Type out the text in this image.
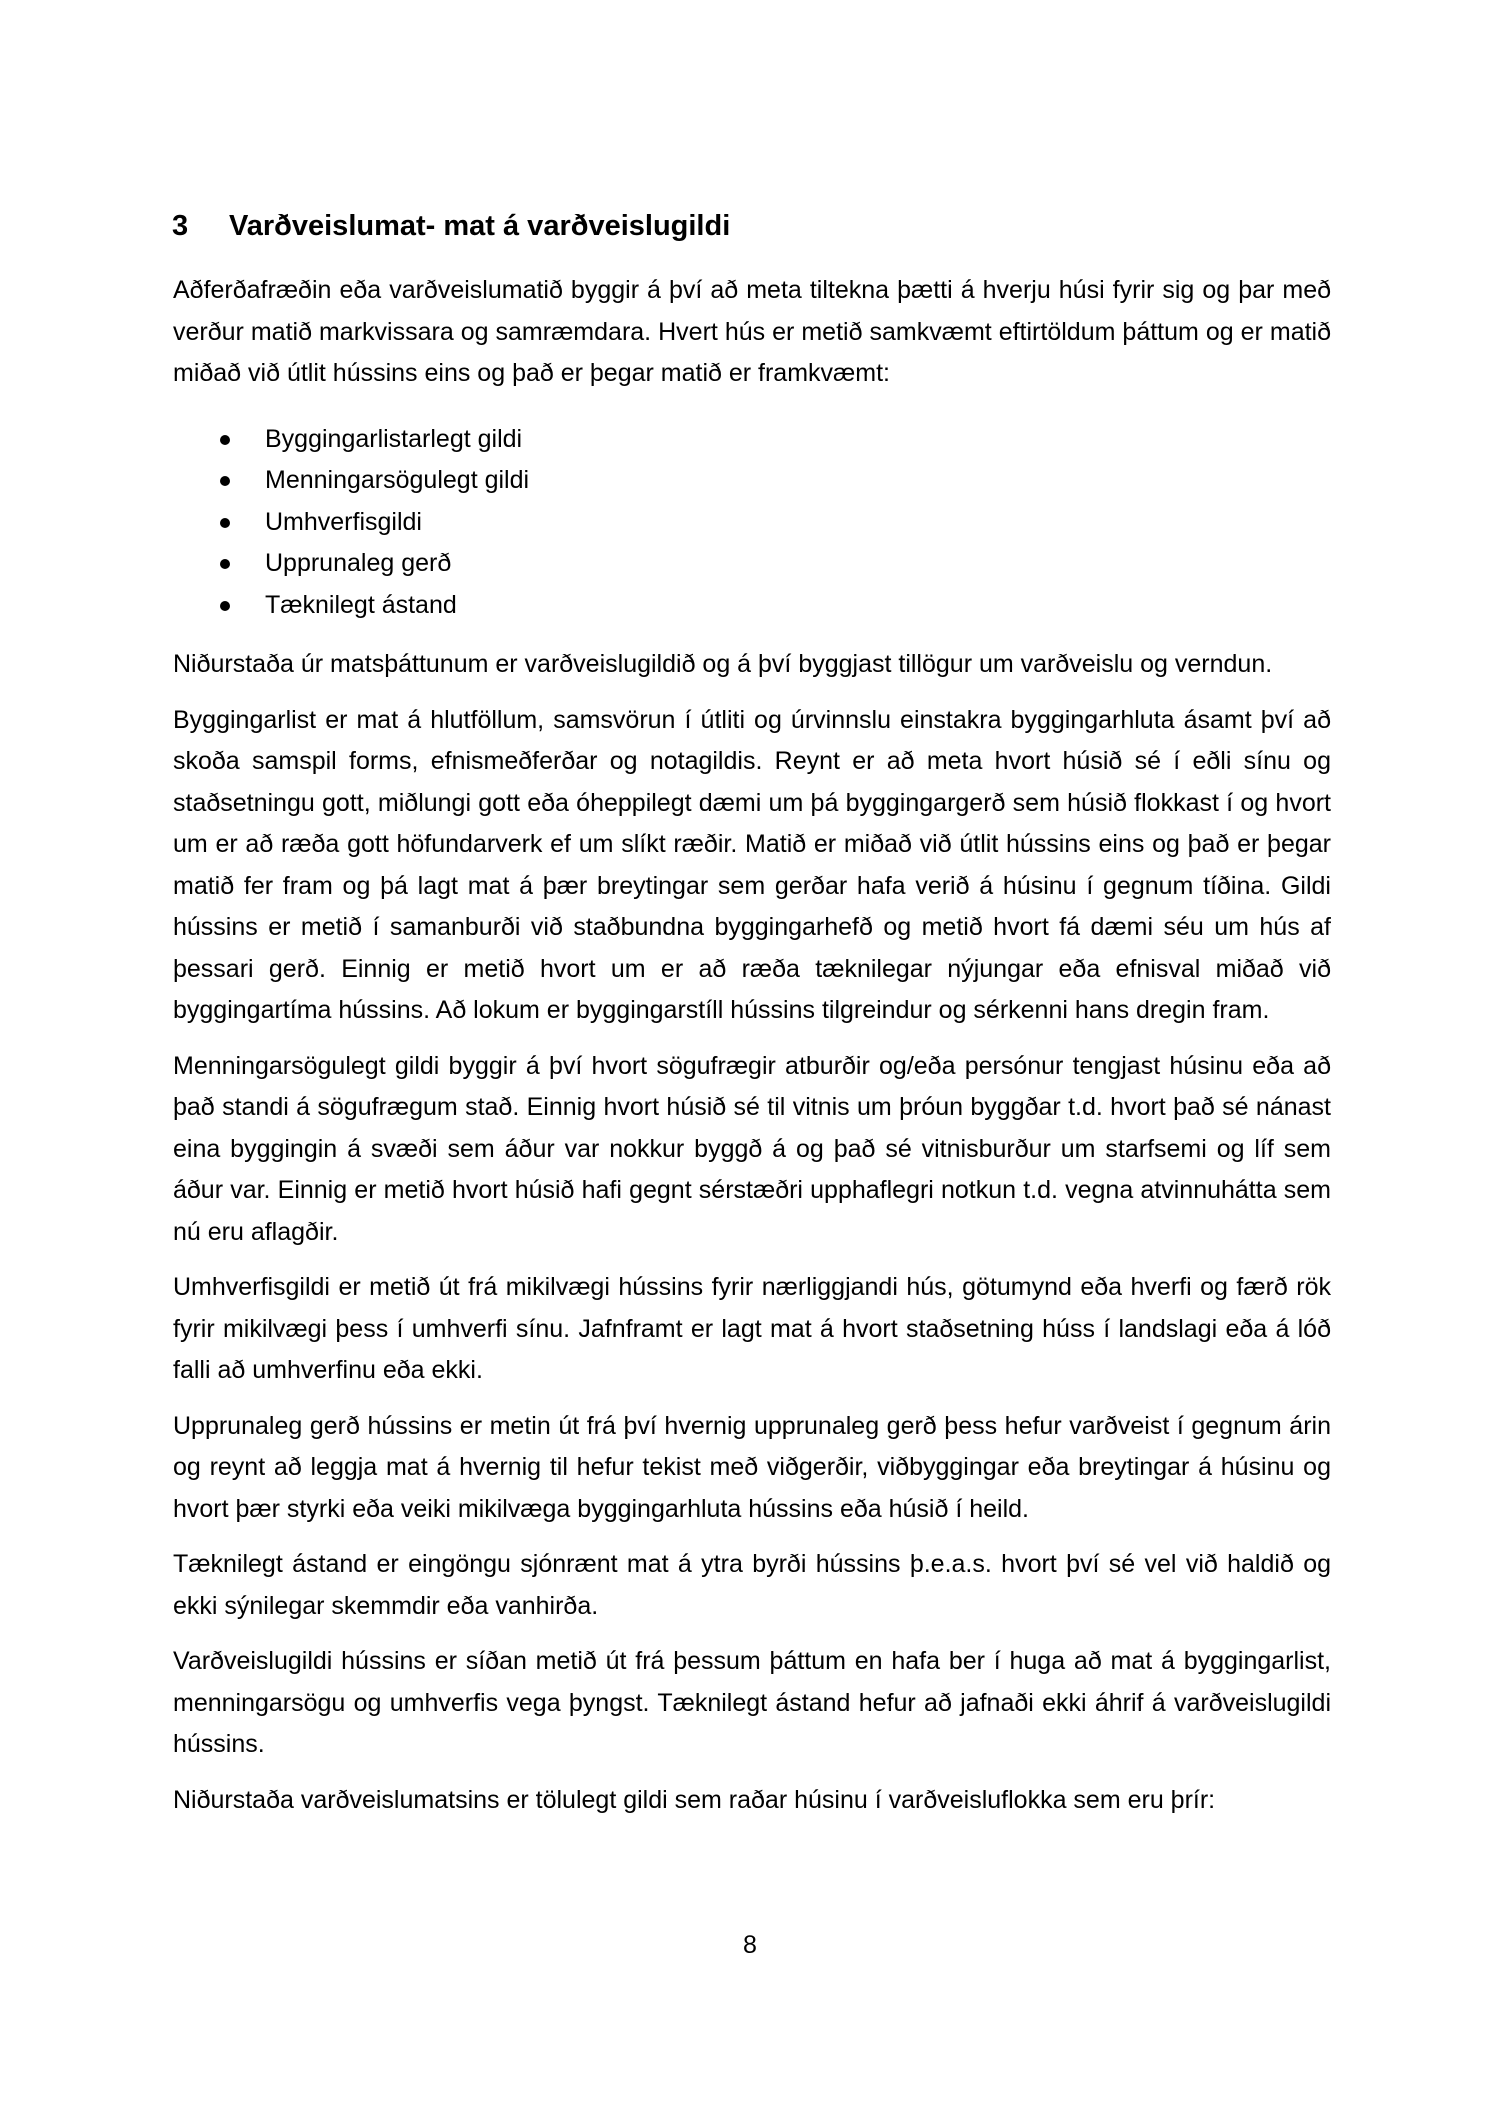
3 Varðveislumat- mat á varðveislugildi

Aðferðafræðin eða varðveislumatið byggir á því að meta tiltekna þætti á hverju húsi fyrir sig og þar með verður matið markvissara og samræmdara. Hvert hús er metið samkvæmt eftirtöldum þáttum og er matið miðað við útlit hússins eins og það er þegar matið er framkvæmt:

Byggingarlistarlegt gildi
Menningarsögulegt gildi
Umhverfisgildi
Upprunaleg gerð
Tæknilegt ástand

Niðurstaða úr matsþáttunum er varðveislugildið og á því byggjast tillögur um varðveislu og verndun.

Byggingarlist er mat á hlutföllum, samsvörun í útliti og úrvinnslu einstakra byggingarhluta ásamt því að skoða samspil forms, efnismeðferðar og notagildis. Reynt er að meta hvort húsið sé í eðli sínu og staðsetningu gott, miðlungi gott eða óheppilegt dæmi um þá byggingargerð sem húsið flokkast í og hvort um er að ræða gott höfundarverk ef um slíkt ræðir. Matið er miðað við útlit hússins eins og það er þegar matið fer fram og þá lagt mat á þær breytingar sem gerðar hafa verið á húsinu í gegnum tíðina. Gildi hússins er metið í samanburði við staðbundna byggingarhefð og metið hvort fá dæmi séu um hús af þessari gerð. Einnig er metið hvort um er að ræða tæknilegar nýjungar eða efnisval miðað við byggingartíma hússins. Að lokum er byggingarstíll hússins tilgreindur og sérkenni hans dregin fram.

Menningarsögulegt gildi byggir á því hvort sögufrægir atburðir og/eða persónur tengjast húsinu eða að það standi á sögufrægum stað. Einnig hvort húsið sé til vitnis um þróun byggðar t.d. hvort það sé nánast eina byggingin á svæði sem áður var nokkur byggð á og það sé vitnisburður um starfsemi og líf sem áður var. Einnig er metið hvort húsið hafi gegnt sérstæðri upphaflegri notkun t.d. vegna atvinnuhátta sem nú eru aflagðir.

Umhverfisgildi er metið út frá mikilvægi hússins fyrir nærliggjandi hús, götumynd eða hverfi og færð rök fyrir mikilvægi þess í umhverfi sínu. Jafnframt er lagt mat á hvort staðsetning húss í landslagi eða á lóð falli að umhverfinu eða ekki.

Upprunaleg gerð hússins er metin út frá því hvernig upprunaleg gerð þess hefur varðveist í gegnum árin og reynt að leggja mat á hvernig til hefur tekist með viðgerðir, viðbyggingar eða breytingar á húsinu og hvort þær styrki eða veiki mikilvæga byggingarhluta hússins eða húsið í heild.

Tæknilegt ástand er eingöngu sjónrænt mat á ytra byrði hússins þ.e.a.s. hvort því sé vel við haldið og ekki sýnilegar skemmdir eða vanhirða.

Varðveislugildi hússins er síðan metið út frá þessum þáttum en hafa ber í huga að mat á byggingarlist, menningarsögu og umhverfis vega þyngst. Tæknilegt ástand hefur að jafnaði ekki áhrif á varðveislugildi hússins.

Niðurstaða varðveislumatsins er tölulegt gildi sem raðar húsinu í varðveisluflokka sem eru þrír:

8
